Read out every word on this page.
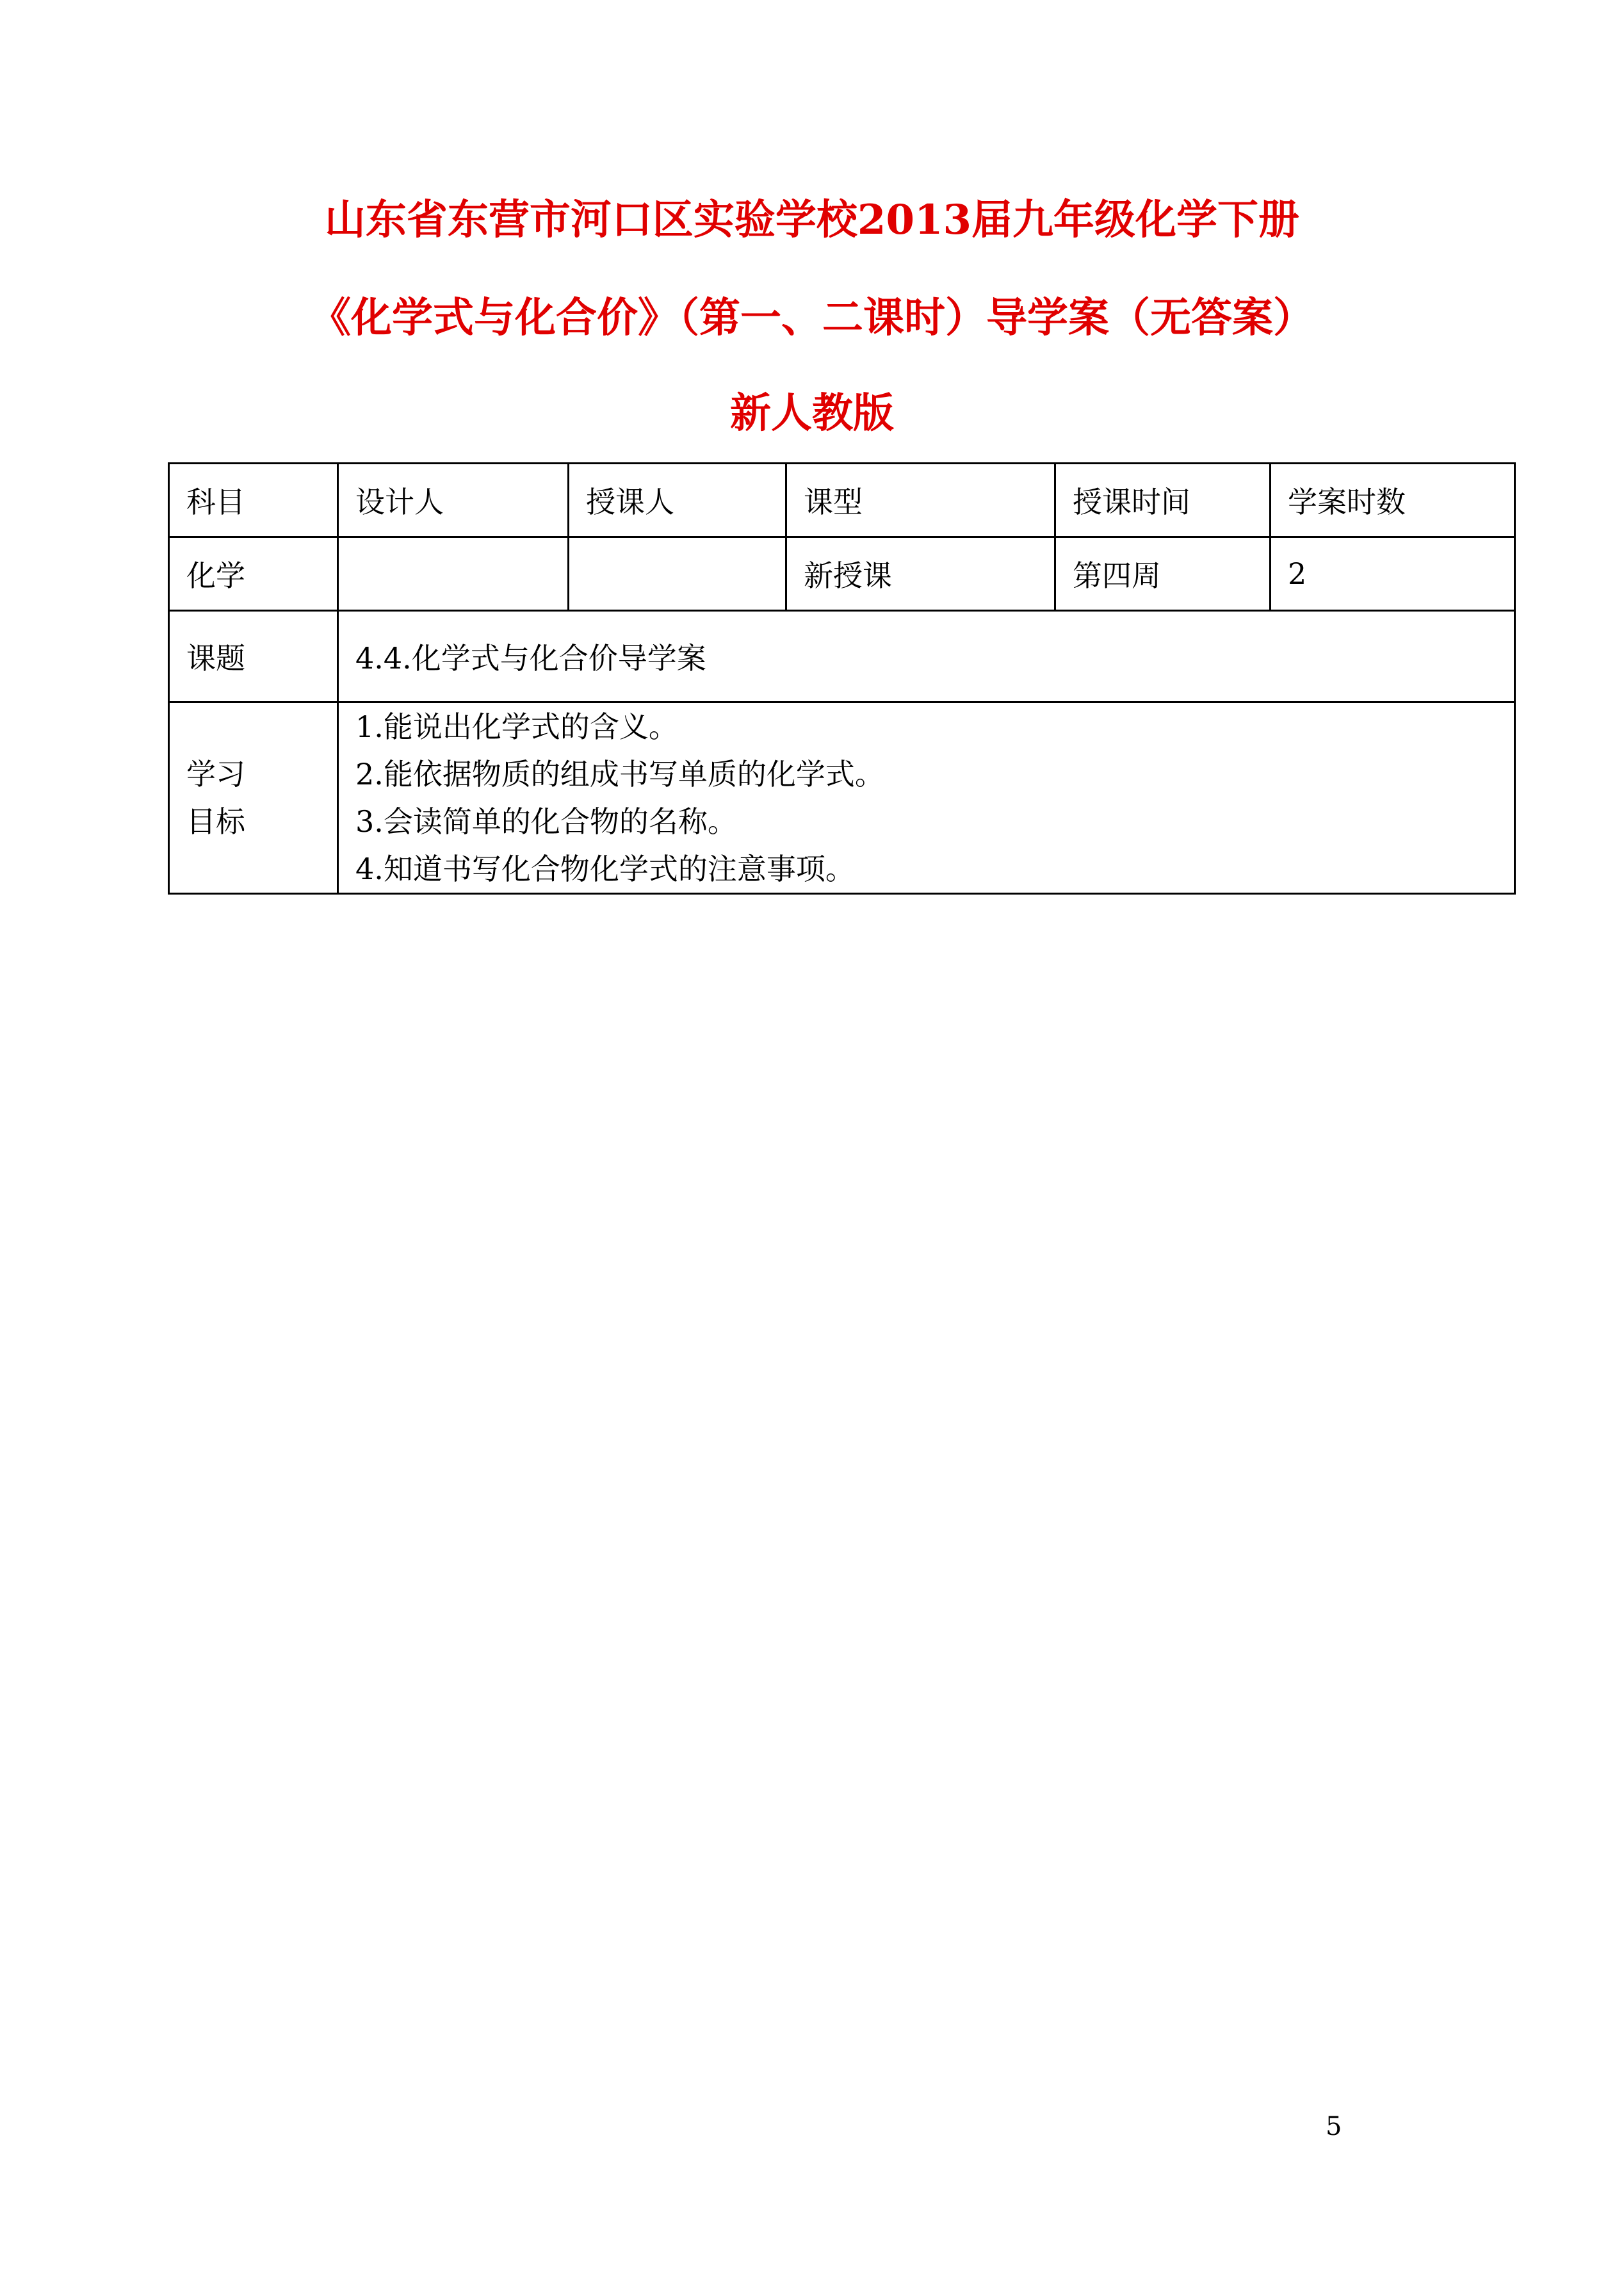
山东省东营市河口区实验学校2013届九年级化学下册
《化学式与化合价》（第一、二课时）导学案（无答案）
新人教版
科目	设计人	授课人	课型	授课时间	学案时数
化学			新授课	第四周	2
课题	4.4.化学式与化合价导学案				

学习
目标	1.能说出化学式的含义。
2.能依据物质的组成书写单质的化学式。
3.会读简单的化合物的名称。
4.知道书写化合物化学式的注意事项。				
5
